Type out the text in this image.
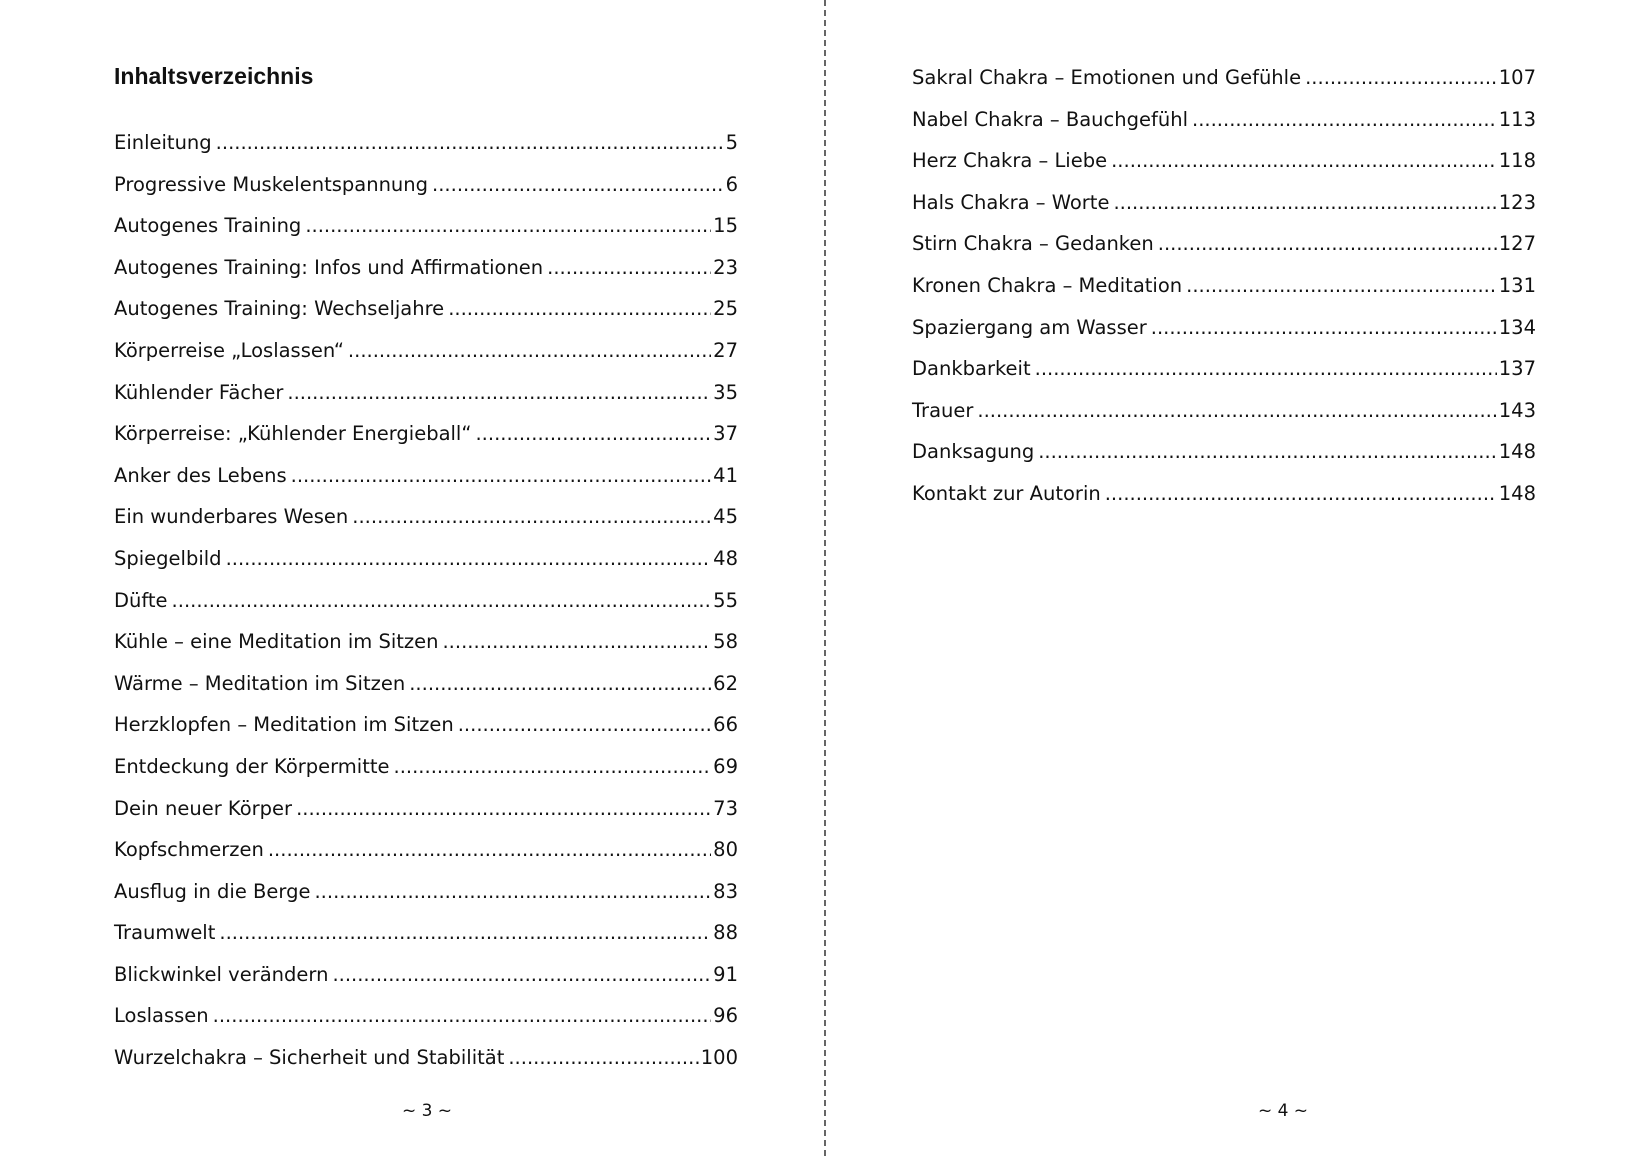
Inhaltsverzeichnis
Einleitung .....	5
Progressive Muskelentspannung .....	6
Autogenes Training .....	15
Autogenes Training: Infos und Affirmationen .....	23
Autogenes Training: Wechseljahre .....	25
Körperreise „Loslassen“ .....	27
Kühlender Fächer .....	35
Körperreise: „Kühlender Energieball“ .....	37
Anker des Lebens .....	41
Ein wunderbares Wesen .....	45
Spiegelbild .....	48
Düfte .....	55
Kühle – eine Meditation im Sitzen .....	58
Wärme – Meditation im Sitzen .....	62
Herzklopfen – Meditation im Sitzen .....	66
Entdeckung der Körpermitte .....	69
Dein neuer Körper .....	73
Kopfschmerzen .....	80
Ausflug in die Berge .....	83
Traumwelt .....	88
Blickwinkel verändern .....	91
Loslassen .....	96
Wurzelchakra – Sicherheit und Stabilität .....	100
~ 3 ~
Sakral Chakra – Emotionen und Gefühle .....	107
Nabel Chakra – Bauchgefühl .....	113
Herz Chakra – Liebe .....	118
Hals Chakra – Worte .....	123
Stirn Chakra – Gedanken .....	127
Kronen Chakra – Meditation .....	131
Spaziergang am Wasser .....	134
Dankbarkeit .....	137
Trauer .....	143
Danksagung .....	148
Kontakt zur Autorin .....	148
~ 4 ~
